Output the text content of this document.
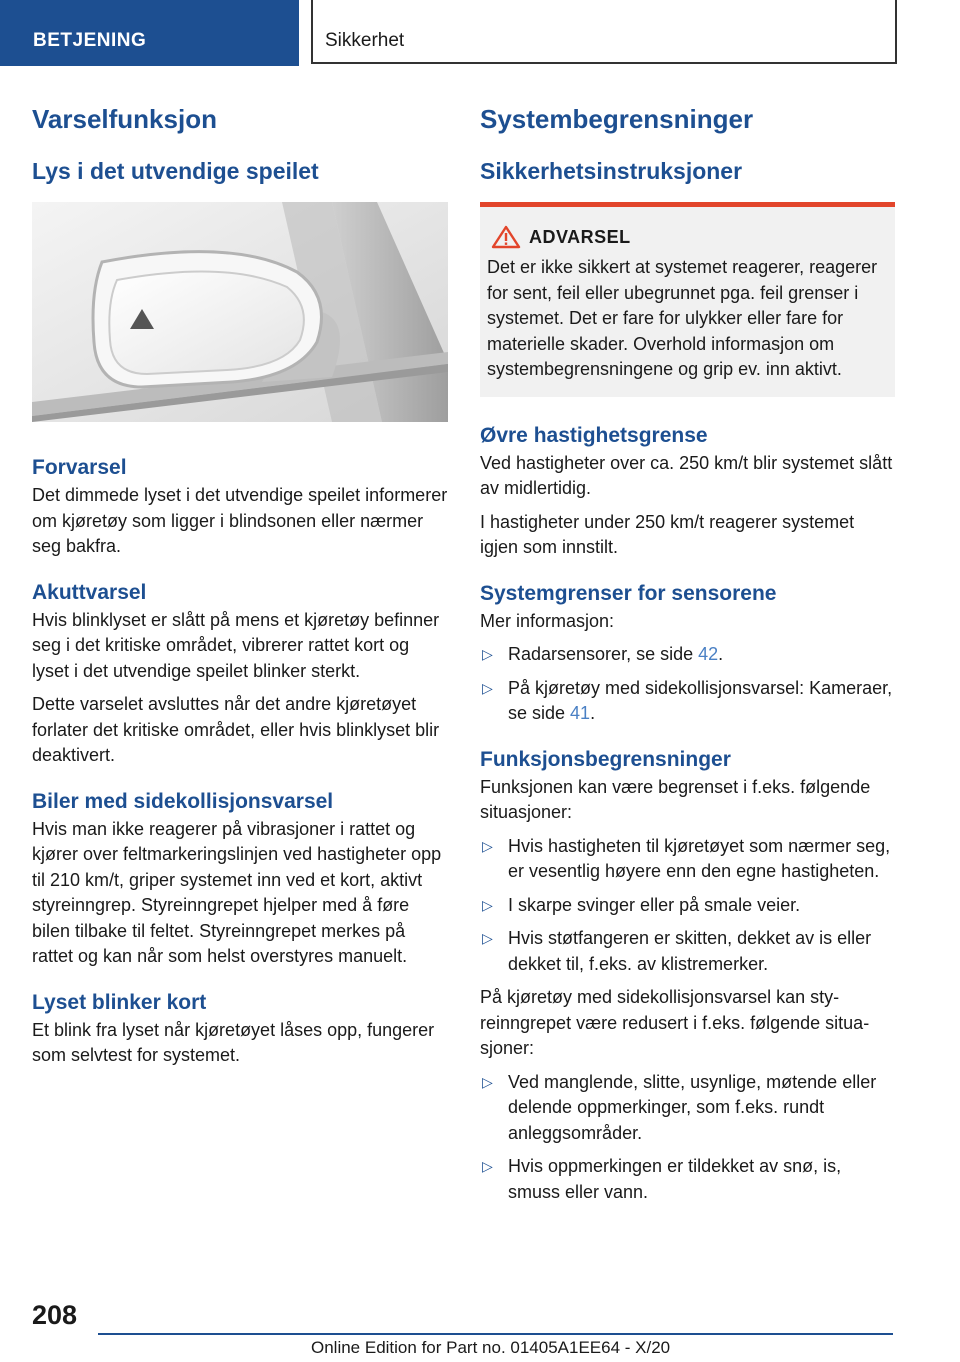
BETJENING	Sikkerhet
Varselfunksjon
Lys i det utvendige speilet
Forvarsel

Det dimmede lyset i det utvendige speilet informerer om kjøretøy som ligger i blindsonen eller nærmer seg bakfra.

Akuttvarsel

Hvis blinklyset er slått på mens et kjøretøy befinner seg i det kritiske området, vibrerer rattet kort og lyset i det utvendige speilet blinker sterkt.

Dette varselet avsluttes når det andre kjøretøyet forlater det kritiske området, eller hvis blinklyset blir deaktivert.

Biler med sidekollisjonsvarsel

Hvis man ikke reagerer på vibrasjoner i rattet og kjører over feltmarkeringslinjen ved hastigheter opp til 210 km/t, griper systemet inn ved et kort, aktivt styreinngrep. Styreinngrepet hjelper med å føre bilen tilbake til feltet. Styreinngrepet merkes på rattet og kan når som helst overstyres manuelt.

Lyset blinker kort

Et blink fra lyset når kjøretøyet låses opp, fungerer som selvtest for systemet.

Systembegrensninger
Sikkerhetsinstruksjoner
ADVARSEL

Det er ikke sikkert at systemet reagerer, reagerer for sent, feil eller ubegrunnet pga. feil grenser i systemet. Det er fare for ulykker eller fare for materielle skader. Overhold informasjon om systembegrensningene og grip ev. inn aktivt.

Øvre hastighetsgrense

Ved hastigheter over ca. 250 km/t blir systemet slått av midlertidig.

I hastigheter under 250 km/t reagerer systemet igjen som innstilt.

Systemgrenser for sensorene

Mer informasjon:

▷ Radarsensorer, se side 42.
▷ På kjøretøy med sidekollisjonsvarsel: Kameraer, se side 41.
Funksjonsbegrensninger

Funksjonen kan være begrenset i f.eks. følgende situasjoner:

▷ Hvis hastigheten til kjøretøyet som nærmer seg, er vesentlig høyere enn den egne hastigheten.
▷ I skarpe svinger eller på smale veier.
▷ Hvis støtfangeren er skitten, dekket av is eller dekket til, f.eks. av klistremerker.

På kjøretøy med sidekollisjonsvarsel kan styreinngrepet være redusert i f.eks. følgende situasjoner:

▷ Ved manglende, slitte, usynlige, møtende eller delende oppmerkinger, som f.eks. rundt anleggsområder.
▷ Hvis oppmerkingen er tildekket av snø, is, smuss eller vann.
208
Online Edition for Part no. 01405A1EE64 - X/20
